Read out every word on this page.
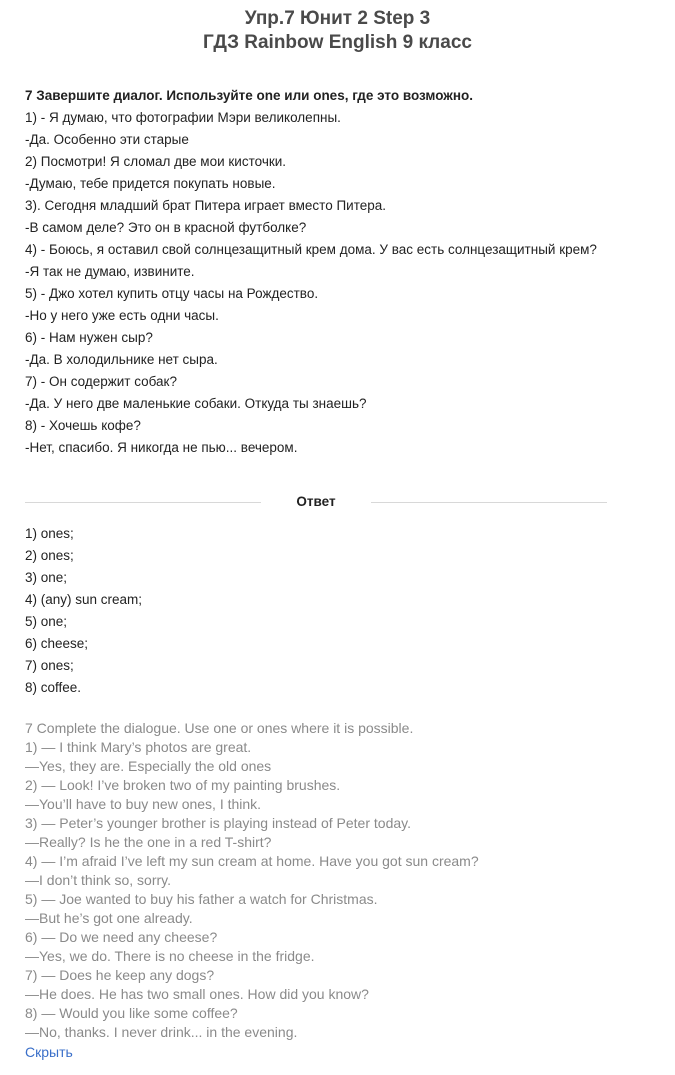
Упр.7 Юнит 2 Step 3
ГДЗ Rainbow English 9 класс

7 Завершите диалог. Используйте one или ones, где это возможно.

1) - Я думаю, что фотографии Мэри великолепны.

-Да. Особенно эти старые

2) Посмотри! Я сломал две мои кисточки.

-Думаю, тебе придется покупать новые.

3). Сегодня младший брат Питера играет вместо Питера.

-В самом деле? Это он в красной футболке?

4) - Боюсь, я оставил свой солнцезащитный крем дома. У вас есть солнцезащитный крем?

-Я так не думаю, извините.

5) - Джо хотел купить отцу часы на Рождество.

-Но у него уже есть одни часы.

6) - Нам нужен сыр?

-Да. В холодильнике нет сыра.

7) - Он содержит собак?

-Да. У него две маленькие собаки. Откуда ты знаешь?

8) - Хочешь кофе?

-Нет, спасибо. Я никогда не пью... вечером.

Ответ

1) ones;

2) ones;

3) one;

4) (any) sun cream;

5) one;

6) cheese;

7) ones;

8) coffee.

7 Complete the dialogue. Use one or ones where it is possible.

1) — I think Mary’s photos are great.

—Yes, they are. Especially the old ones

2) — Look! I’ve broken two of my painting brushes.

—You’ll have to buy new ones, I think.

3) — Peter’s younger brother is playing instead of Peter today.

—Really? Is he the one in a red T-shirt?

4) — I’m afraid I’ve left my sun cream at home. Have you got sun cream?

—I don’t think so, sorry.

5) — Joe wanted to buy his father a watch for Christmas.

—But he’s got one already.

6) — Do we need any cheese?

—Yes, we do. There is no cheese in the fridge.

7) — Does he keep any dogs?

—He does. He has two small ones. How did you know?

8) — Would you like some coffee?

—No, thanks. I never drink... in the evening.

Скрыть
